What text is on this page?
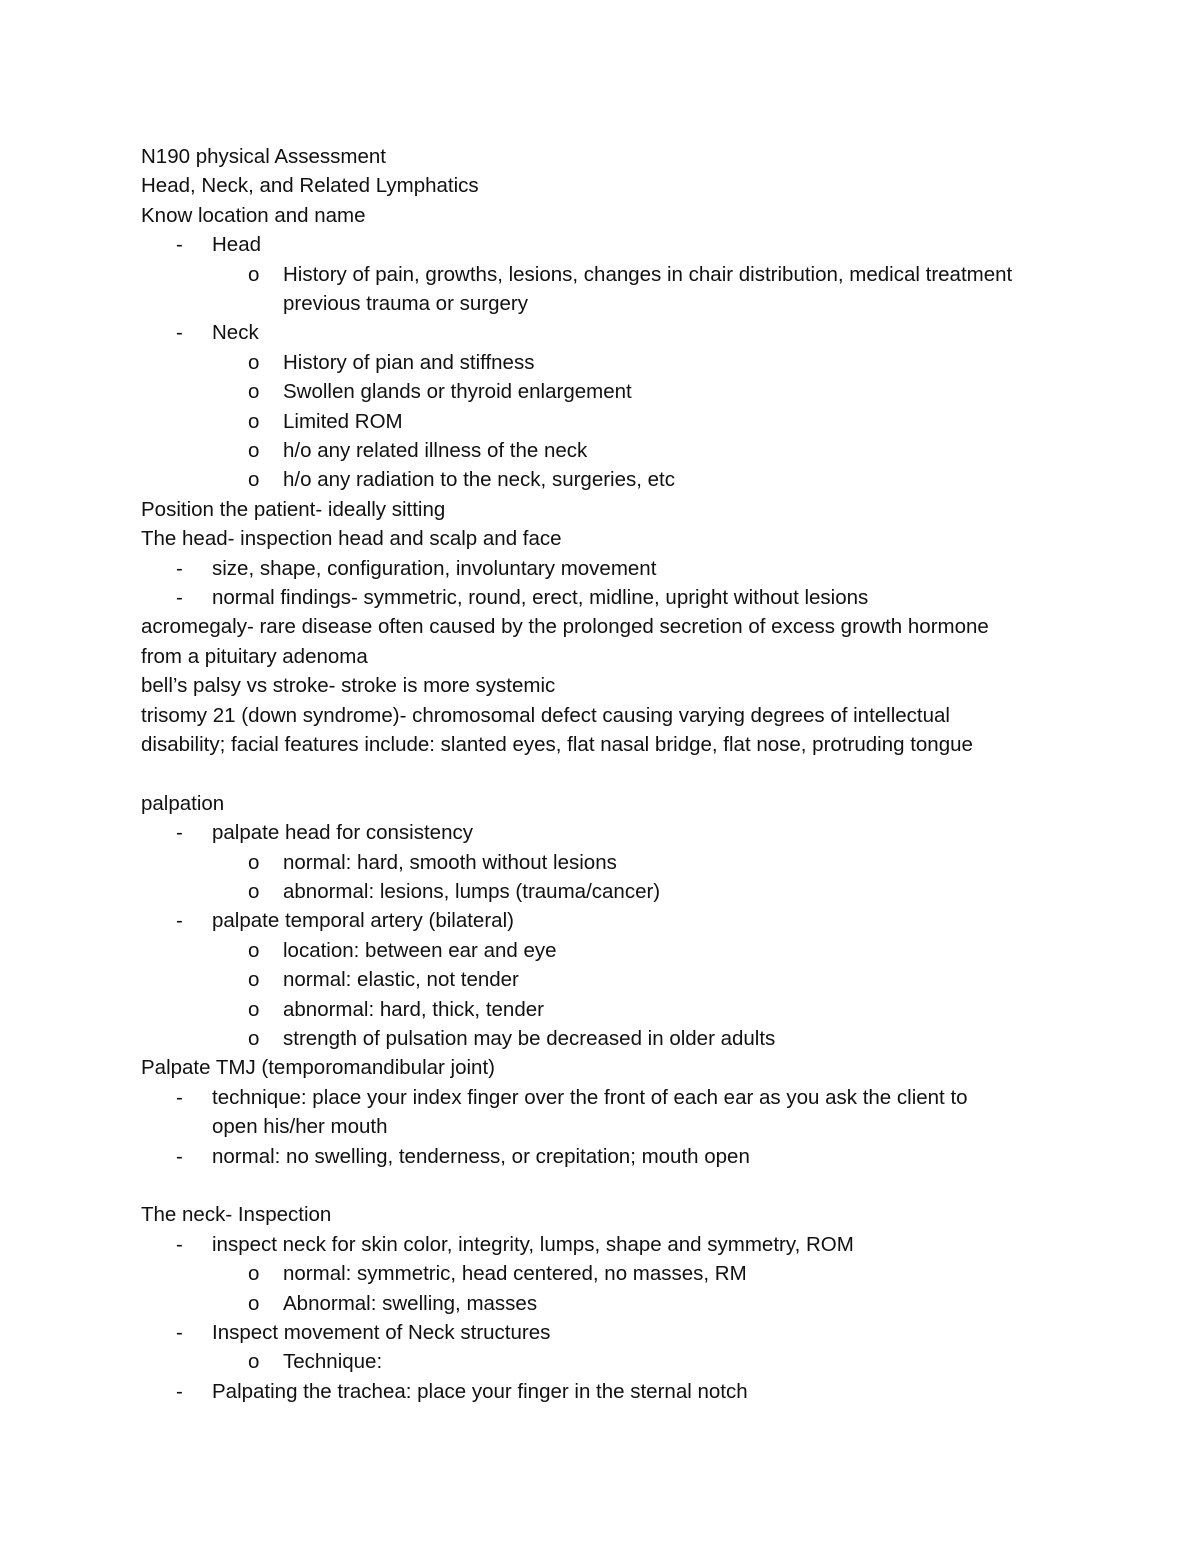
N190 physical Assessment
Head, Neck, and Related Lymphatics
Know location and name
- Head
o History of pain, growths, lesions, changes in chair distribution, medical treatment
previous trauma or surgery
- Neck
o History of pian and stiffness
o Swollen glands or thyroid enlargement
o Limited ROM
o h/o any related illness of the neck
o h/o any radiation to the neck, surgeries, etc
Position the patient- ideally sitting
The head- inspection head and scalp and face
- size, shape, configuration, involuntary movement
- normal findings- symmetric, round, erect, midline, upright without lesions
acromegaly- rare disease often caused by the prolonged secretion of excess growth hormone
from a pituitary adenoma
bell’s palsy vs stroke- stroke is more systemic
trisomy 21 (down syndrome)- chromosomal defect causing varying degrees of intellectual
disability; facial features include: slanted eyes, flat nasal bridge, flat nose, protruding tongue
palpation
- palpate head for consistency
o normal: hard, smooth without lesions
o abnormal: lesions, lumps (trauma/cancer)
- palpate temporal artery (bilateral)
o location: between ear and eye
o normal: elastic, not tender
o abnormal: hard, thick, tender
o strength of pulsation may be decreased in older adults
Palpate TMJ (temporomandibular joint)
- technique: place your index finger over the front of each ear as you ask the client to
open his/her mouth
- normal: no swelling, tenderness, or crepitation; mouth open
The neck- Inspection
- inspect neck for skin color, integrity, lumps, shape and symmetry, ROM
o normal: symmetric, head centered, no masses, RM
o Abnormal: swelling, masses
- Inspect movement of Neck structures
o Technique:
- Palpating the trachea: place your finger in the sternal notch
